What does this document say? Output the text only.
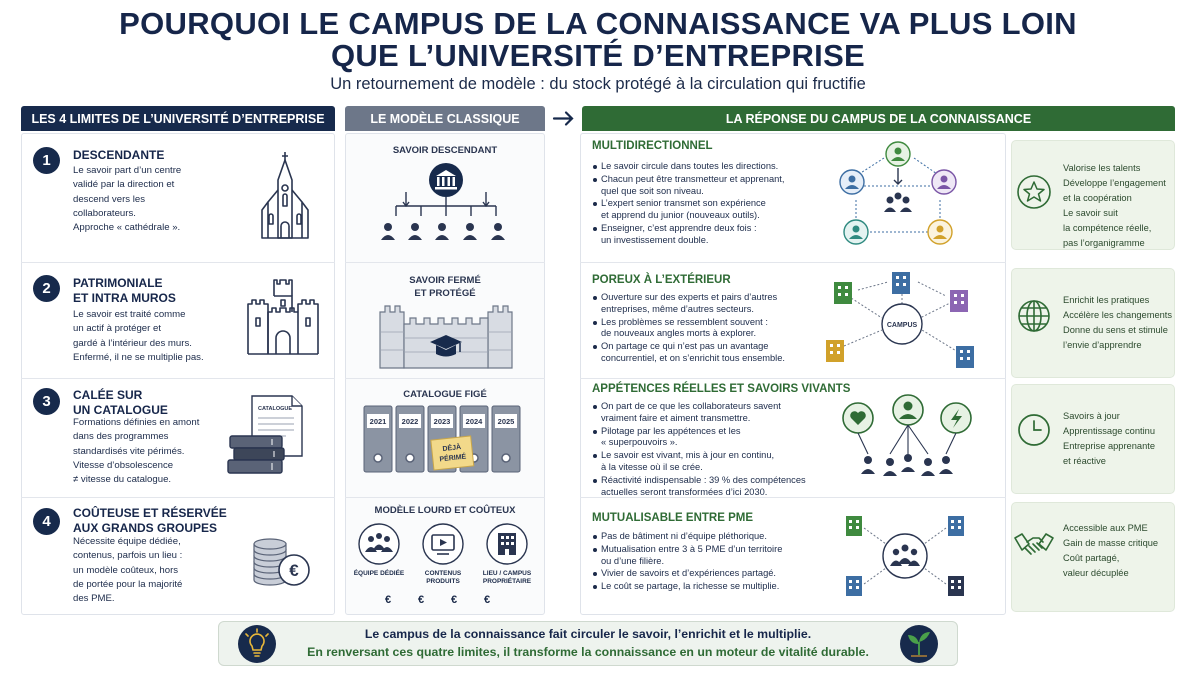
POURQUOI LE CAMPUS DE LA CONNAISSANCE VA PLUS LOIN
QUE L’UNIVERSITÉ D’ENTREPRISE
Un retournement de modèle : du stock protégé à la circulation qui fructifie
LES 4 LIMITES DE L’UNIVERSITÉ D’ENTREPRISE	LE MODÈLE CLASSIQUE	LA RÉPONSE DU CAMPUS DE LA CONNAISSANCE
1	DESCENDANTE
Le savoir part d’un centre
validé par la direction et
descend vers les
collaborateurs.
Approche « cathédrale ».
SAVOIR DESCENDANT	MULTIDIRECTIONNEL
Le savoir circule dans toutes les directions.
Chacun peut être transmetteur et apprenant,
quel que soit son niveau.
L’expert senior transmet son expérience
et apprend du junior (nouveaux outils).
Enseigner, c’est apprendre deux fois :
un investissement double.
Valorise les talents
Développe l’engagement
et la coopération
Le savoir suit
la compétence réelle,
pas l’organigramme
2	PATRIMONIALE
ET INTRA MUROS
Le savoir est traité comme
un actif à protéger et
gardé à l’intérieur des murs.
Enfermé, il ne se multiplie pas.
SAVOIR FERMÉ
ET PROTÉGÉ
POREUX À L’EXTÉRIEUR
Ouverture sur des experts et pairs d’autres
entreprises, même d’autres secteurs.
Les problèmes se ressemblent souvent :
de nouveaux angles morts à explorer.
On partage ce qui n’est pas un avantage
concurrentiel, et on s’enrichit tous ensemble.
CAMPUS
Enrichit les pratiques
Accélère les changements
Donne du sens et stimule
l’envie d’apprendre
3	CALÉE SUR
UN CATALOGUE
Formations définies en amont
dans des programmes
standardisés vite périmés.
Vitesse d’obsolescence
≠ vitesse du catalogue.
CATALOGUE
CATALOGUE FIGÉ
2021 2022 2023 2024 2025
DÉJÀ
PÉRIMÉ
APPÉTENCES RÉELLES ET SAVOIRS VIVANTS
On part de ce que les collaborateurs savent
vraiment faire et aiment transmettre.
Pilotage par les appétences et les
« superpouvoirs ».
Le savoir est vivant, mis à jour en continu,
à la vitesse où il se crée.
Réactivité indispensable : 39 % des compétences
actuelles seront transformées d’ici 2030.
Savoirs à jour
Apprentissage continu
Entreprise apprenante
et réactive
4	COÛTEUSE ET RÉSERVÉE
AUX GRANDS GROUPES
Nécessite équipe dédiée,
contenus, parfois un lieu :
un modèle coûteux, hors
de portée pour la majorité
des PME.
€
MODÈLE LOURD ET COÛTEUX
ÉQUIPE DÉDIÉE	CONTENUS
PRODUITS
LIEU / CAMPUS
PROPRIÉTAIRE
€ € € €
MUTUALISABLE ENTRE PME
Pas de bâtiment ni d’équipe pléthorique.
Mutualisation entre 3 à 5 PME d’un territoire
ou d’une filière.
Vivier de savoirs et d’expériences partagé.
Le coût se partage, la richesse se multiplie.
Accessible aux PME
Gain de masse critique
Coût partagé,
valeur décuplée
Le campus de la connaissance fait circuler le savoir, l’enrichit et le multiplie.
En renversant ces quatre limites, il transforme la connaissance en un moteur de vitalité durable.
